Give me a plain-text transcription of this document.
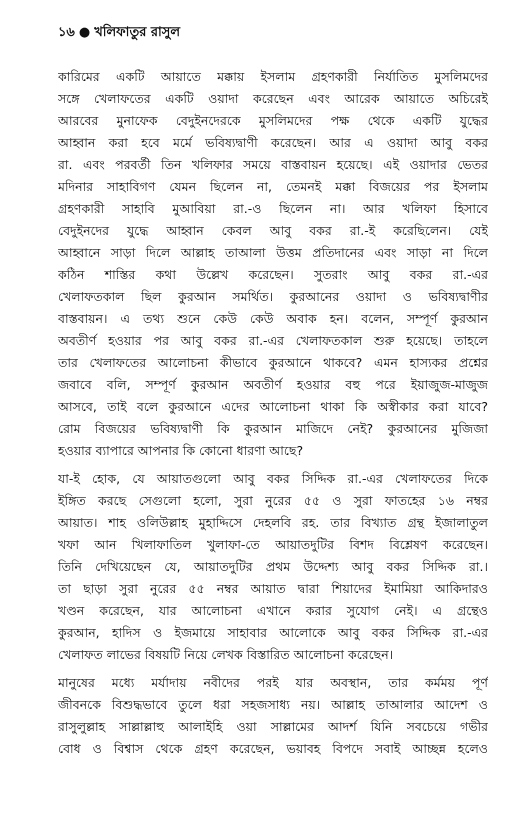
১৬ ● খলিফাতুর রাসুল
কারিমের একটি আয়াতে মক্কায় ইসলাম গ্রহণকারী নির্যাতিত মুসলিমদের
সঙ্গে খেলাফতের একটি ওয়াদা করেছেন এবং আরেক আয়াতে অচিরেই
আরবের মুনাফেক বেদুইনদেরকে মুসলিমদের পক্ষ থেকে একটি যুদ্ধের
আহ্বান করা হবে মর্মে ভবিষ্যদ্বাণী করেছেন। আর এ ওয়াদা আবু বকর
রা. এবং পরবর্তী তিন খলিফার সময়ে বাস্তবায়ন হয়েছে। এই ওয়াদার ভেতর
মদিনার সাহাবিগণ যেমন ছিলেন না, তেমনই মক্কা বিজয়ের পর ইসলাম
গ্রহণকারী সাহাবি মুআবিয়া রা.-ও ছিলেন না। আর খলিফা হিসাবে
বেদুইনদের যুদ্ধে আহ্বান কেবল আবু বকর রা.-ই করেছিলেন। যেই
আহ্বানে সাড়া দিলে আল্লাহ তাআলা উত্তম প্রতিদানের এবং সাড়া না দিলে
কঠিন শাস্তির কথা উল্লেখ করেছেন। সুতরাং আবু বকর রা.-এর
খেলাফতকাল ছিল কুরআন সমর্থিত। কুরআনের ওয়াদা ও ভবিষ্যদ্বাণীর
বাস্তবায়ন। এ তথ্য শুনে কেউ কেউ অবাক হন। বলেন, সম্পূর্ণ কুরআন
অবতীর্ণ হওয়ার পর আবু বকর রা.-এর খেলাফতকাল শুরু হয়েছে। তাহলে
তার খেলাফতের আলোচনা কীভাবে কুরআনে থাকবে? এমন হাস্যকর প্রশ্নের
জবাবে বলি, সম্পূর্ণ কুরআন অবতীর্ণ হওয়ার বহু পরে ইয়াজুজ-মাজুজ
আসবে, তাই বলে কুরআনে এদের আলোচনা থাকা কি অস্বীকার করা যাবে?
রোম বিজয়ের ভবিষ্যদ্বাণী কি কুরআন মাজিদে নেই? কুরআনের মুজিজা
হওয়ার ব্যাপারে আপনার কি কোনো ধারণা আছে?
যা-ই হোক, যে আয়াতগুলো আবু বকর সিদ্দিক রা.-এর খেলাফতের দিকে
ইঙ্গিত করছে সেগুলো হলো, সুরা নুরের ৫৫ ও সুরা ফাতহের ১৬ নম্বর
আয়াত। শাহ ওলিউল্লাহ মুহাদ্দিসে দেহলবি রহ. তার বিখ্যাত গ্রন্থ ইজালাতুল
খফা আন খিলাফাতিল খুলাফা-তে আয়াতদুটির বিশদ বিশ্লেষণ করেছেন।
তিনি দেখিয়েছেন যে, আয়াতদুটির প্রথম উদ্দেশ্য আবু বকর সিদ্দিক রা.।
তা ছাড়া সুরা নুরের ৫৫ নম্বর আয়াত দ্বারা শিয়াদের ইমামিয়া আকিদারও
খণ্ডন করেছেন, যার আলোচনা এখানে করার সুযোগ নেই। এ গ্রন্থেও
কুরআন, হাদিস ও ইজমায়ে সাহাবার আলোকে আবু বকর সিদ্দিক রা.-এর
খেলাফত লাভের বিষয়টি নিয়ে লেখক বিস্তারিত আলোচনা করেছেন।
মানুষের মধ্যে মর্যাদায় নবীদের পরই যার অবস্থান, তার কর্মময় পূর্ণ
জীবনকে বিশুদ্ধভাবে তুলে ধরা সহজসাধ্য নয়। আল্লাহ তাআলার আদেশ ও
রাসুলুল্লাহ সাল্লাল্লাহু আলাইহি ওয়া সাল্লামের আদর্শ যিনি সবচেয়ে গভীর
বোধ ও বিশ্বাস থেকে গ্রহণ করেছেন, ভয়াবহ বিপদে সবাই আচ্ছন্ন হলেও
